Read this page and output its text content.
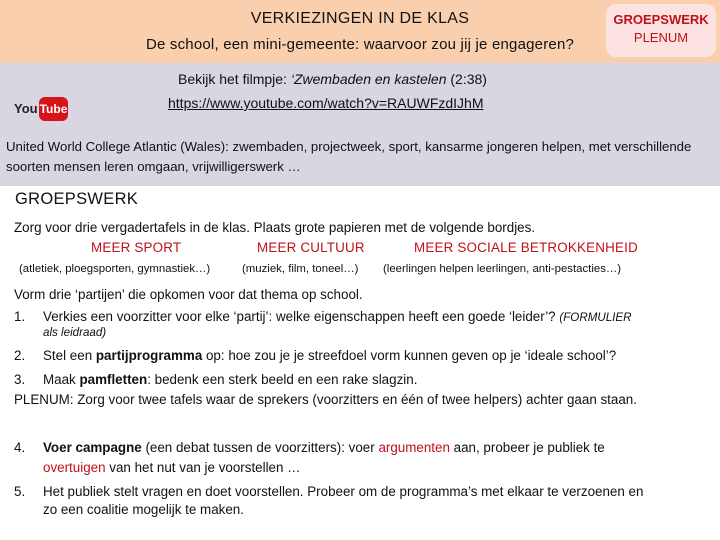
VERKIEZINGEN IN DE KLAS
De school, een mini-gemeente: waarvoor zou jij je engageren?
GROEPSWERK
PLENUM
You Tube
Bekijk het filmpje: ‘Zwembaden en kastelen (2:38)
https://www.youtube.com/watch?v=RAUWFzdIJhM
United World College Atlantic (Wales): zwembaden, projectweek, sport, kansarme jongeren helpen, met verschillende soorten mensen leren omgaan, vrijwilligerswerk …
GROEPSWERK
Zorg voor drie vergadertafels in de klas. Plaats grote papieren met de volgende bordjes.
MEER SPORT	MEER CULTUUR	MEER SOCIALE BETROKKENHEID
(atletiek, ploegsporten, gymnastiek…)	(muziek, film, toneel…) (leerlingen helpen leerlingen, anti-pestacties…)
Vorm drie ‘partijen’ die opkomen voor dat thema op school.
1. Verkies een voorzitter voor elke ‘partij’: welke eigenschappen heeft een goede ‘leider’? (FORMULIER
als leidraad)
2. Stel een partijprogramma op: hoe zou je je streefdoel vorm kunnen geven op je ‘ideale school’?
3. Maak pamfletten: bedenk een sterk beeld en een rake slagzin.
PLENUM: Zorg voor twee tafels waar de sprekers (voorzitters en één of twee helpers) achter gaan staan.
4. Voer campagne (een debat tussen de voorzitters): voer argumenten aan, probeer je publiek te
overtuigen van het nut van je voorstellen …
5. Het publiek stelt vragen en doet voorstellen. Probeer om de programma’s met elkaar te verzoenen en
zo een coalitie mogelijk te maken.
